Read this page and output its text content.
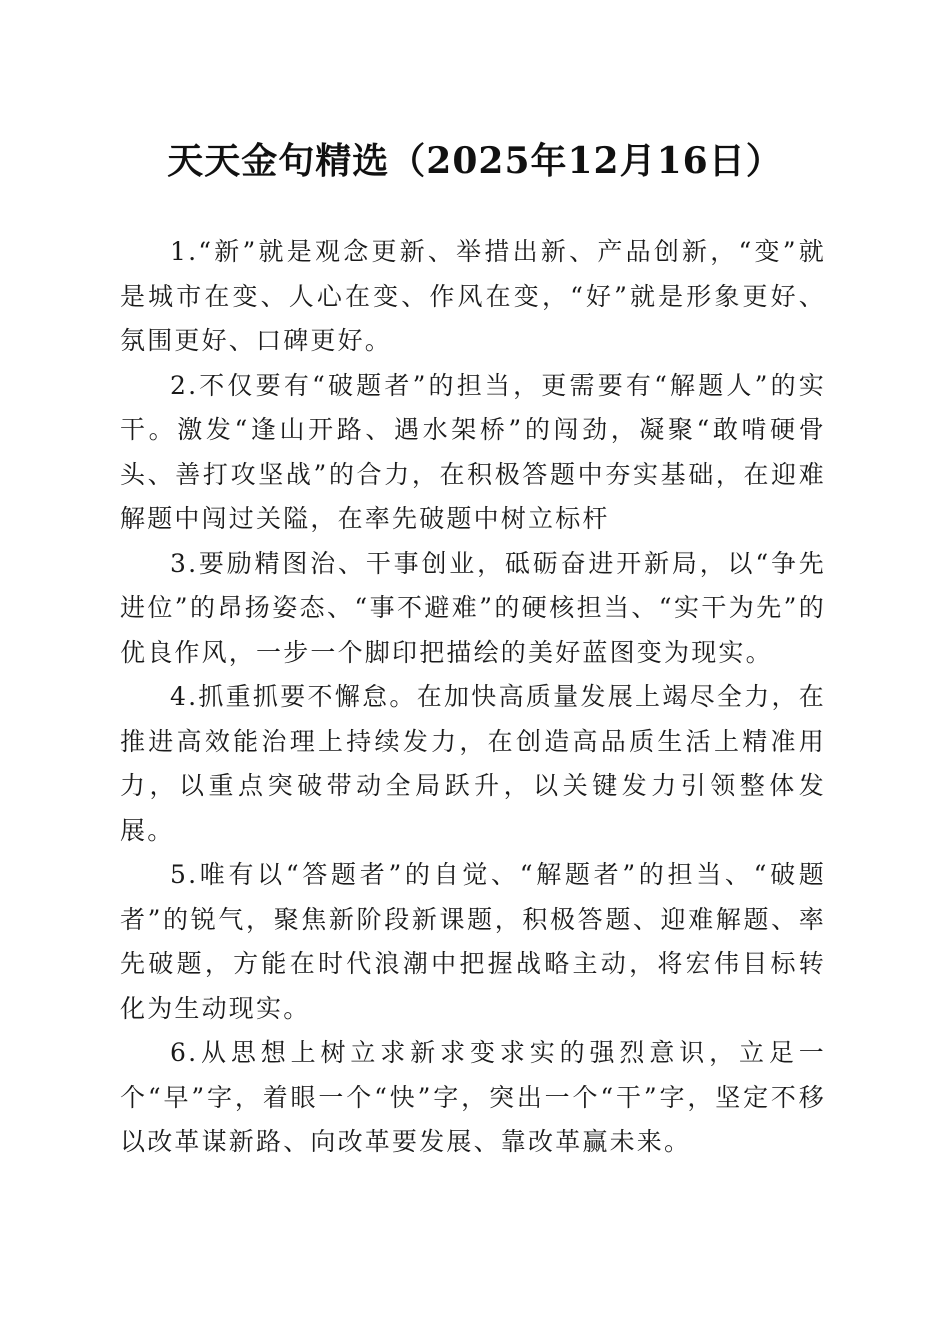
天天金句精选（2025年12月16日）

1.“新”就是观念更新、举措出新、产品创新，“变”就是城市在变、人心在变、作风在变，“好”就是形象更好、氛围更好、口碑更好。

2.不仅要有“破题者”的担当，更需要有“解题人”的实干。激发“逢山开路、遇水架桥”的闯劲，凝聚“敢啃硬骨头、善打攻坚战”的合力，在积极答题中夯实基础，在迎难解题中闯过关隘，在率先破题中树立标杆

3.要励精图治、干事创业，砥砺奋进开新局，以“争先进位”的昂扬姿态、“事不避难”的硬核担当、“实干为先”的优良作风，一步一个脚印把描绘的美好蓝图变为现实。

4.抓重抓要不懈怠。在加快高质量发展上竭尽全力，在推进高效能治理上持续发力，在创造高品质生活上精准用力，以重点突破带动全局跃升，以关键发力引领整体发展。

5.唯有以“答题者”的自觉、“解题者”的担当、“破题者”的锐气，聚焦新阶段新课题，积极答题、迎难解题、率先破题，方能在时代浪潮中把握战略主动，将宏伟目标转化为生动现实。

6.从思想上树立求新求变求实的强烈意识，立足一个“早”字，着眼一个“快”字，突出一个“干”字，坚定不移以改革谋新路、向改革要发展、靠改革赢未来。
